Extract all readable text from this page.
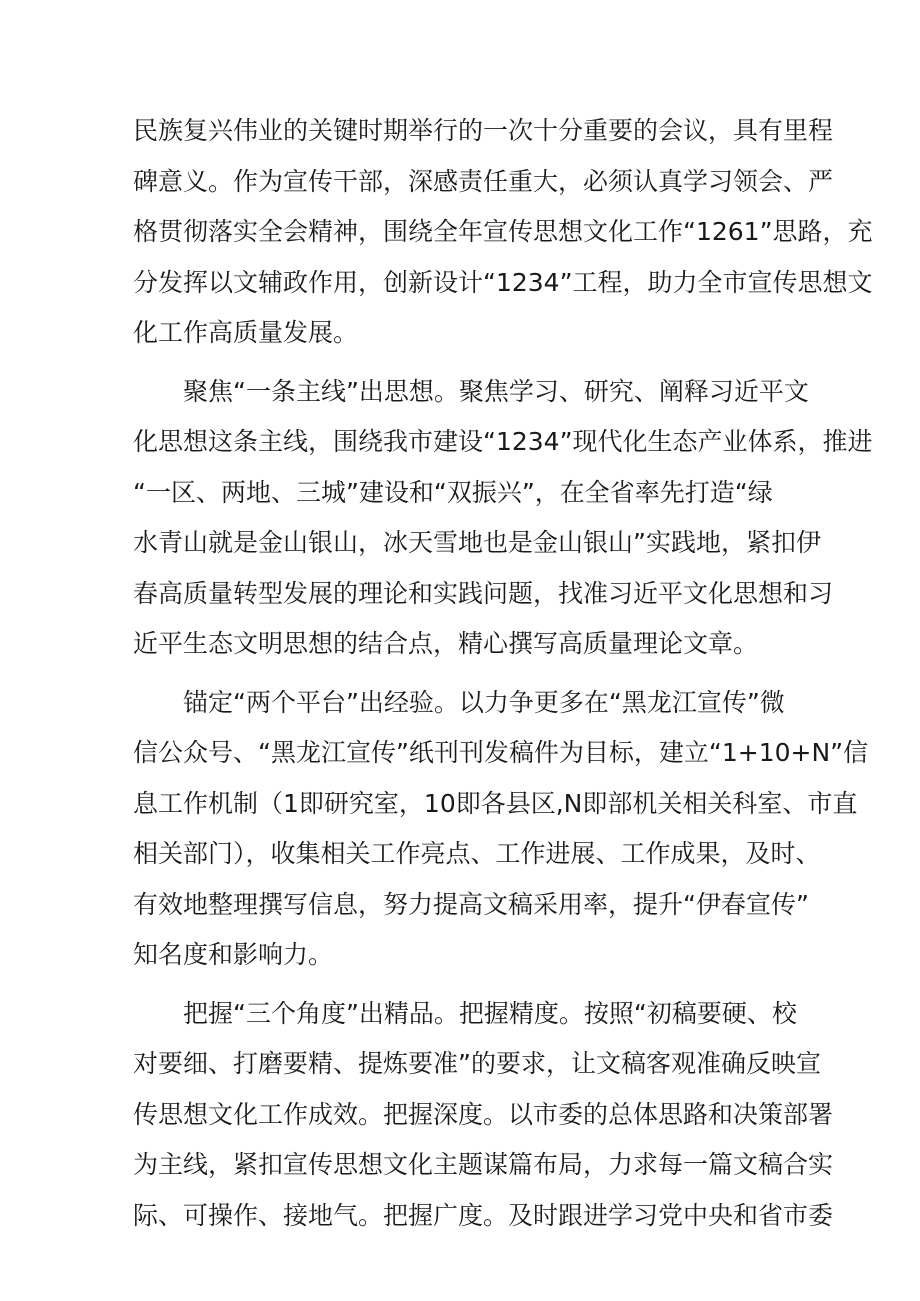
民族复兴伟业的关键时期举行的一次十分重要的会议，具有里程
碑意义。作为宣传干部，深感责任重大，必须认真学习领会、严
格贯彻落实全会精神，围绕全年宣传思想文化工作“1261”思路，充
分发挥以文辅政作用，创新设计“1234”工程，助力全市宣传思想文
化工作高质量发展。
　　聚焦“一条主线”出思想。聚焦学习、研究、阐释习近平文
化思想这条主线，围绕我市建设“1234”现代化生态产业体系，推进
“一区、两地、三城”建设和“双振兴”，在全省率先打造“绿
水青山就是金山银山，冰天雪地也是金山银山”实践地，紧扣伊
春高质量转型发展的理论和实践问题，找准习近平文化思想和习
近平生态文明思想的结合点，精心撰写高质量理论文章。
　　锚定“两个平台”出经验。以力争更多在“黑龙江宣传”微
信公众号、“黑龙江宣传”纸刊刊发稿件为目标，建立“1+10+N”信
息工作机制（1即研究室，10即各县区,N即部机关相关科室、市直
相关部门），收集相关工作亮点、工作进展、工作成果，及时、
有效地整理撰写信息，努力提高文稿采用率，提升“伊春宣传”
知名度和影响力。
　　把握“三个角度”出精品。把握精度。按照“初稿要硬、校
对要细、打磨要精、提炼要准”的要求，让文稿客观准确反映宣
传思想文化工作成效。把握深度。以市委的总体思路和决策部署
为主线，紧扣宣传思想文化主题谋篇布局，力求每一篇文稿合实
际、可操作、接地气。把握广度。及时跟进学习党中央和省市委
